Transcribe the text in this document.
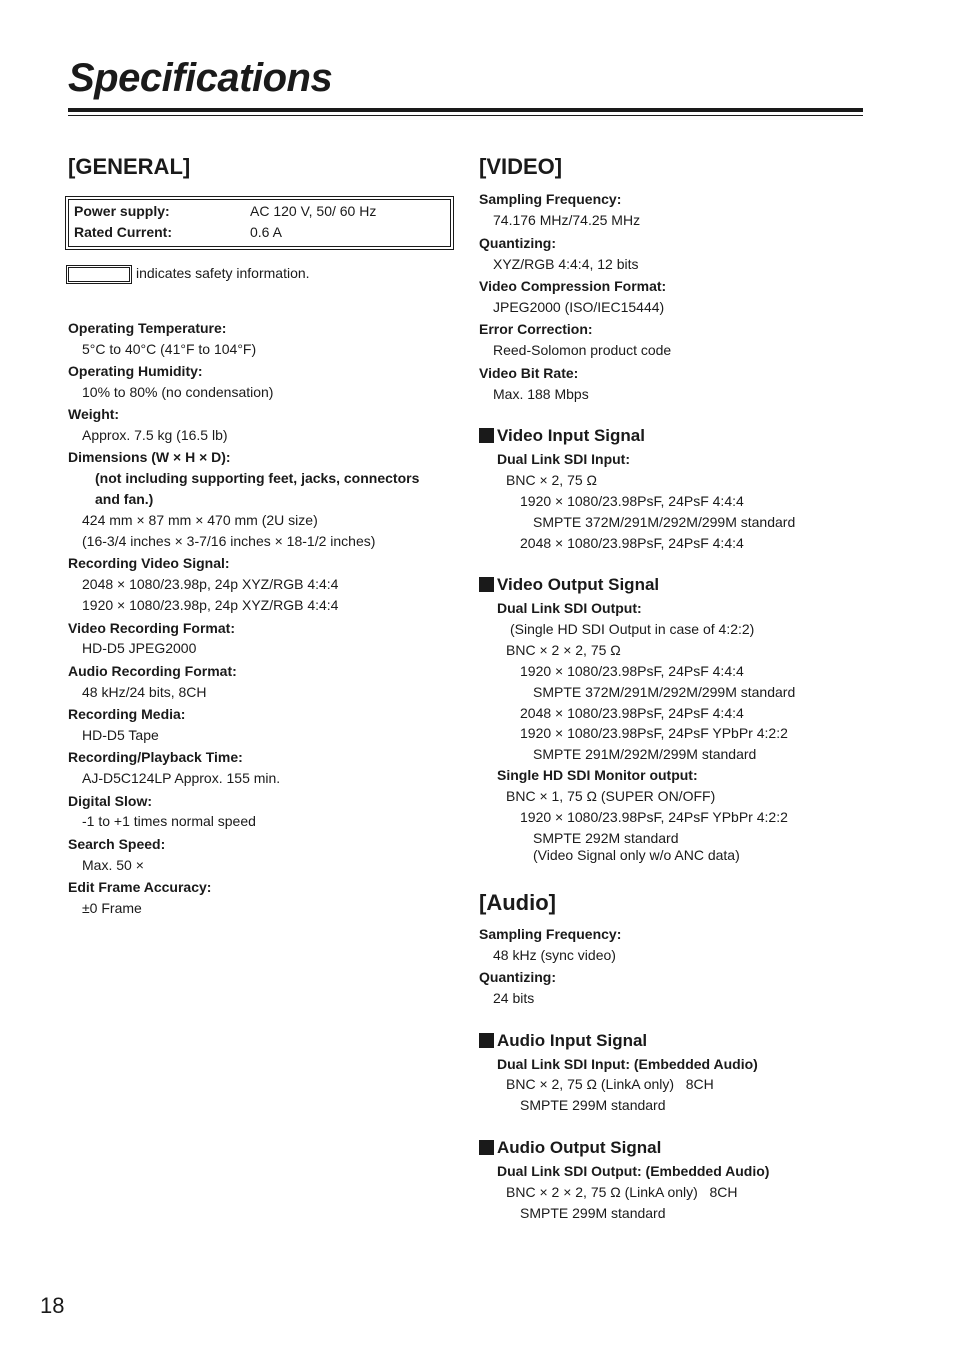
Specifications
[GENERAL]
Power supply:	AC 120 V, 50/ 60 Hz
Rated Current:	0.6 A
indicates safety information.
Operating Temperature:
5°C to 40°C (41°F to 104°F)
Operating Humidity:
10% to 80% (no condensation)
Weight:
Approx. 7.5 kg (16.5 lb)
Dimensions (W × H × D):
(not including supporting feet, jacks, connectors
and fan.)
424 mm × 87 mm × 470 mm (2U size)
(16-3/4 inches × 3-7/16 inches × 18-1/2 inches)
Recording Video Signal:
2048 × 1080/23.98p, 24p XYZ/RGB 4:4:4
1920 × 1080/23.98p, 24p XYZ/RGB 4:4:4
Video Recording Format:
HD-D5 JPEG2000
Audio Recording Format:
48 kHz/24 bits, 8CH
Recording Media:
HD-D5 Tape
Recording/Playback Time:
AJ-D5C124LP Approx. 155 min.
Digital Slow:
-1 to +1 times normal speed
Search Speed:
Max. 50 ×
Edit Frame Accuracy:
±0 Frame
[VIDEO]
Sampling Frequency:
74.176 MHz/74.25 MHz
Quantizing:
XYZ/RGB 4:4:4, 12 bits
Video Compression Format:
JPEG2000 (ISO/IEC15444)
Error Correction:
Reed-Solomon product code
Video Bit Rate:
Max. 188 Mbps
Video Input Signal
Dual Link SDI Input:
BNC × 2, 75 Ω
1920 × 1080/23.98PsF, 24PsF 4:4:4
SMPTE 372M/291M/292M/299M standard
2048 × 1080/23.98PsF, 24PsF 4:4:4
Video Output Signal
Dual Link SDI Output:
(Single HD SDI Output in case of 4:2:2)
BNC × 2 × 2, 75 Ω
1920 × 1080/23.98PsF, 24PsF 4:4:4
SMPTE 372M/291M/292M/299M standard
2048 × 1080/23.98PsF, 24PsF 4:4:4
1920 × 1080/23.98PsF, 24PsF YPbPr 4:2:2
SMPTE 291M/292M/299M standard
Single HD SDI Monitor output:
BNC × 1, 75 Ω (SUPER ON/OFF)
1920 × 1080/23.98PsF, 24PsF YPbPr 4:2:2
SMPTE 292M standard
(Video Signal only w/o ANC data)
[Audio]
Sampling Frequency:
48 kHz (sync video)
Quantizing:
24 bits
Audio Input Signal
Dual Link SDI Input: (Embedded Audio)
BNC × 2, 75 Ω (LinkA only)   8CH
SMPTE 299M standard
Audio Output Signal
Dual Link SDI Output: (Embedded Audio)
BNC × 2 × 2, 75 Ω (LinkA only)   8CH
SMPTE 299M standard
18
